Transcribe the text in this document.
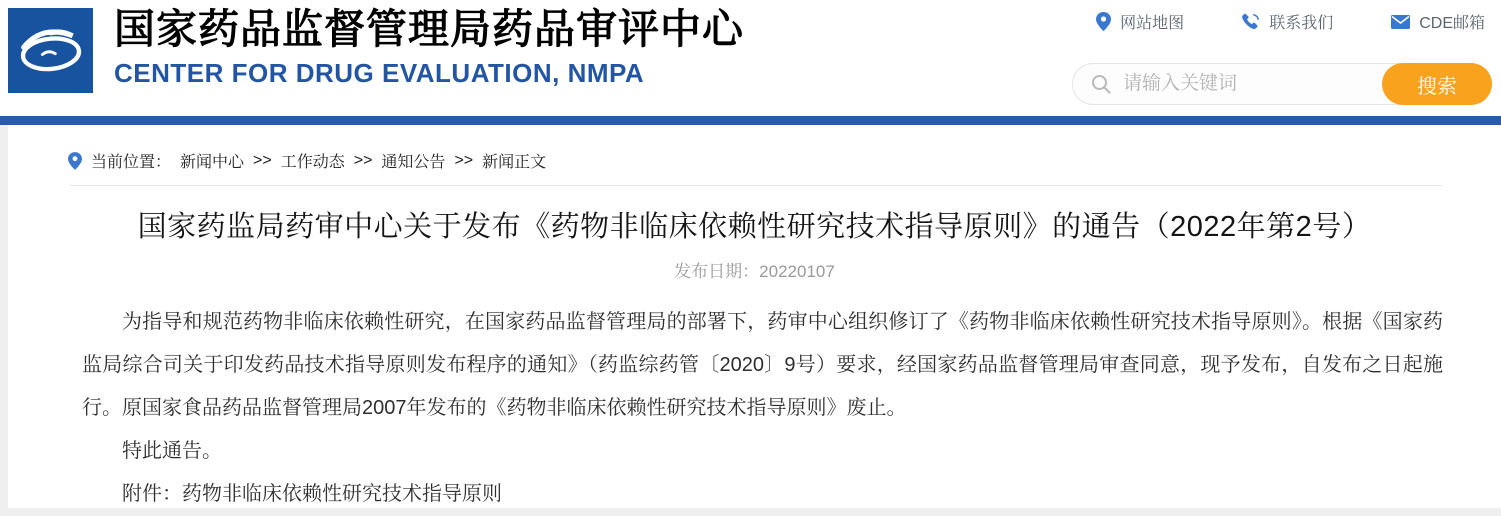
国家药品监督管理局药品审评中心
CENTER FOR DRUG EVALUATION, NMPA
网站地图	联系我们	CDE邮箱
请输入关键词
搜索
当前位置： 新闻中心 >> 工作动态 >> 通知公告 >> 新闻正文
国家药监局药审中心关于发布《药物非临床依赖性研究技术指导原则》的通告（2022年第2号）
发布日期：20220107

为指导和规范药物非临床依赖性研究，在国家药品监督管理局的部署下，药审中心组织修订了《药物非临床依赖性研究技术指导原则》。根据《国家药监局综合司关于印发药品技术指导原则发布程序的通知》（药监综药管〔2020〕9号）要求，经国家药品监督管理局审查同意，现予发布，自发布之日起施行。原国家食品药品监督管理局2007年发布的《药物非临床依赖性研究技术指导原则》废止。

特此通告。

附件：药物非临床依赖性研究技术指导原则
